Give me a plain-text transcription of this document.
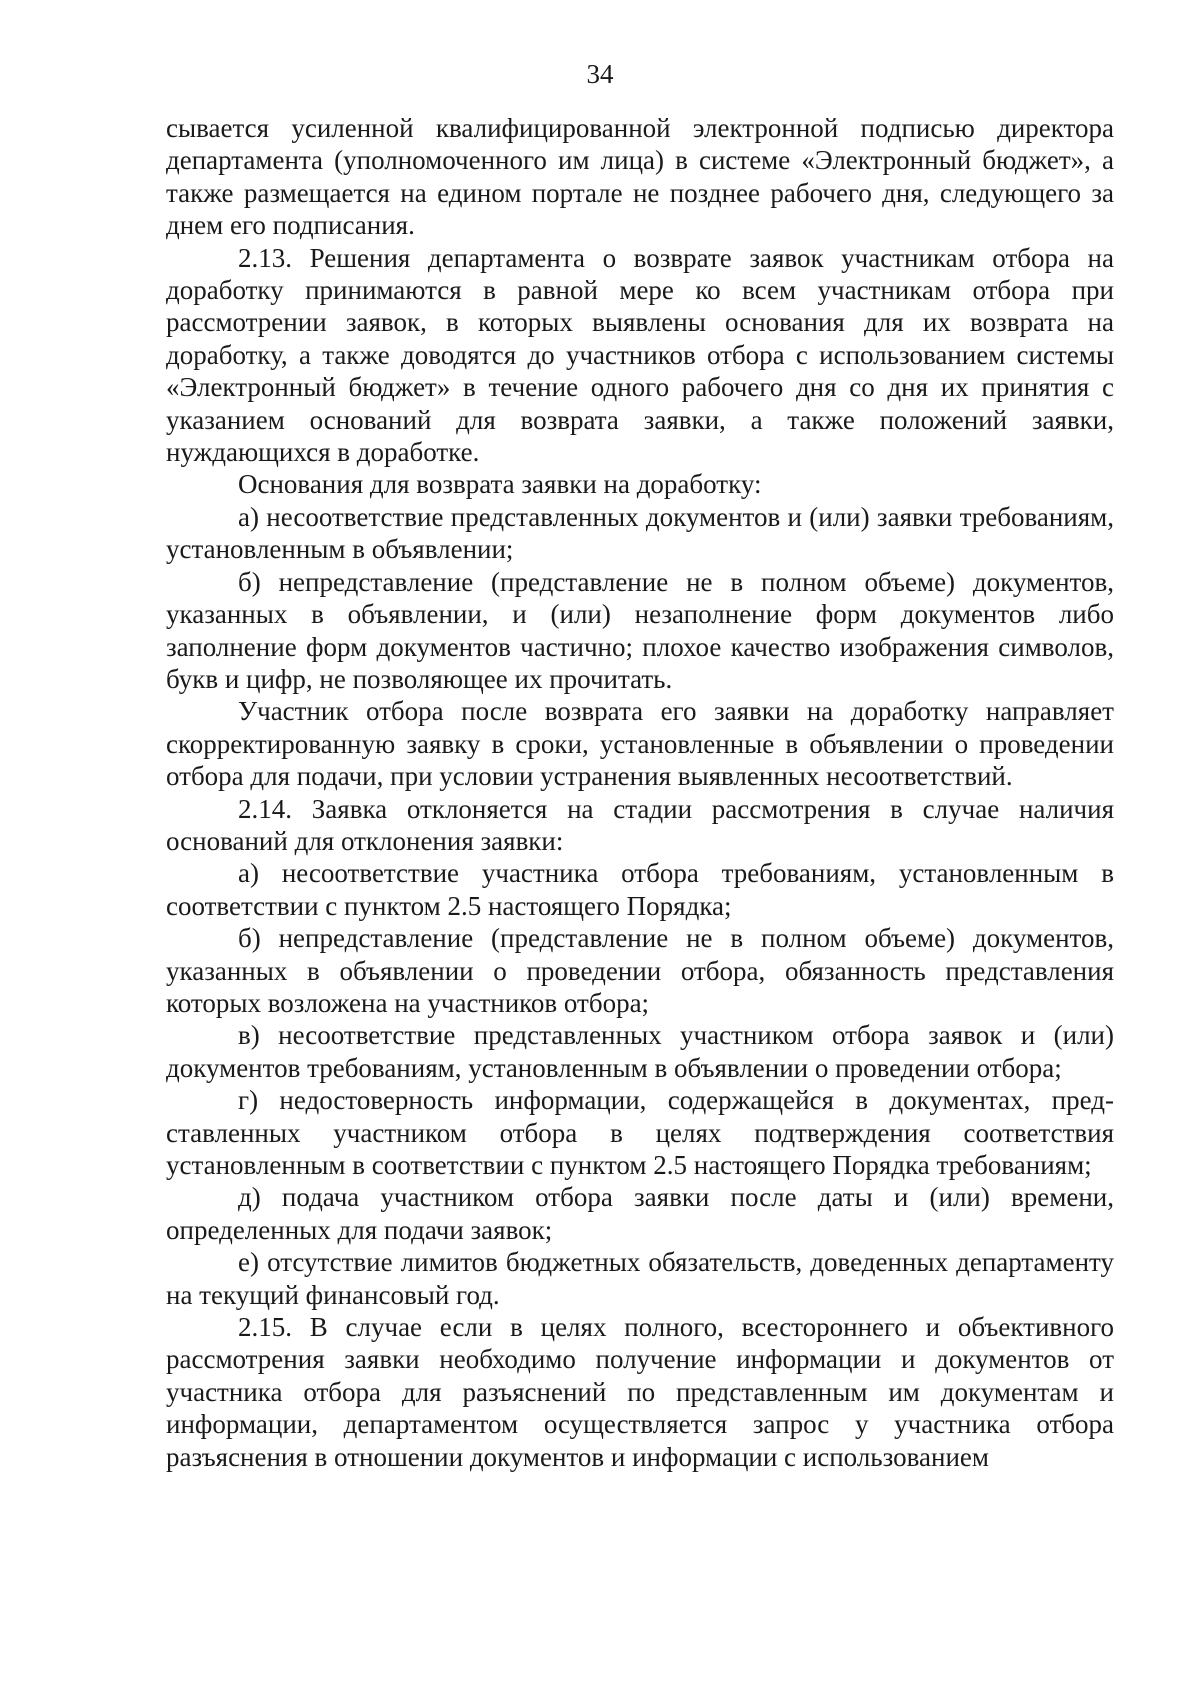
34

сывается усиленной квалифицированной электронной подписью директора департамента (уполномоченного им лица) в системе «Электронный бюджет», а также размещается на едином портале не позднее рабочего дня, следующего за днем его подписания.

2.13. Решения департамента о возврате заявок участникам отбора на доработку принимаются в равной мере ко всем участникам отбора при рассмотрении заявок, в которых выявлены основания для их возврата на доработку, а также доводятся до участников отбора с использованием системы «Электронный бюджет» в течение одного рабочего дня со дня их принятия с указанием оснований для возврата заявки, а также положений заявки, нуждающихся в доработке.

Основания для возврата заявки на доработку:

а) несоответствие представленных документов и (или) заявки требованиям, установленным в объявлении;

б) непредставление (представление не в полном объеме) документов, указанных в объявлении, и (или) незаполнение форм документов либо заполнение форм документов частично; плохое качество изображения символов, букв и цифр, не позволяющее их прочитать.

Участник отбора после возврата его заявки на доработку направляет скорректированную заявку в сроки, установленные в объявлении о проведении отбора для подачи, при условии устранения выявленных несоответствий.

2.14. Заявка отклоняется на стадии рассмотрения в случае наличия оснований для отклонения заявки:

а) несоответствие участника отбора требованиям, установленным в соответствии с пунктом 2.5 настоящего Порядка;

б) непредставление (представление не в полном объеме) документов, указанных в объявлении о проведении отбора, обязанность представления которых возложена на участников отбора;

в) несоответствие представленных участником отбора заявок и (или) документов требованиям, установленным в объявлении о проведении отбора;

г) недостоверность информации, содержащейся в документах, представленных участником отбора в целях подтверждения соответствия установленным в соответствии с пунктом 2.5 настоящего Порядка требованиям;

д) подача участником отбора заявки после даты и (или) времени, определенных для подачи заявок;

е) отсутствие лимитов бюджетных обязательств, доведенных департаменту на текущий финансовый год.

2.15. В случае если в целях полного, всестороннего и объективного рассмотрения заявки необходимо получение информации и документов от участника отбора для разъяснений по представленным им документам и информации, департаментом осуществляется запрос у участника отбора разъяснения в отношении документов и информации с использованием
